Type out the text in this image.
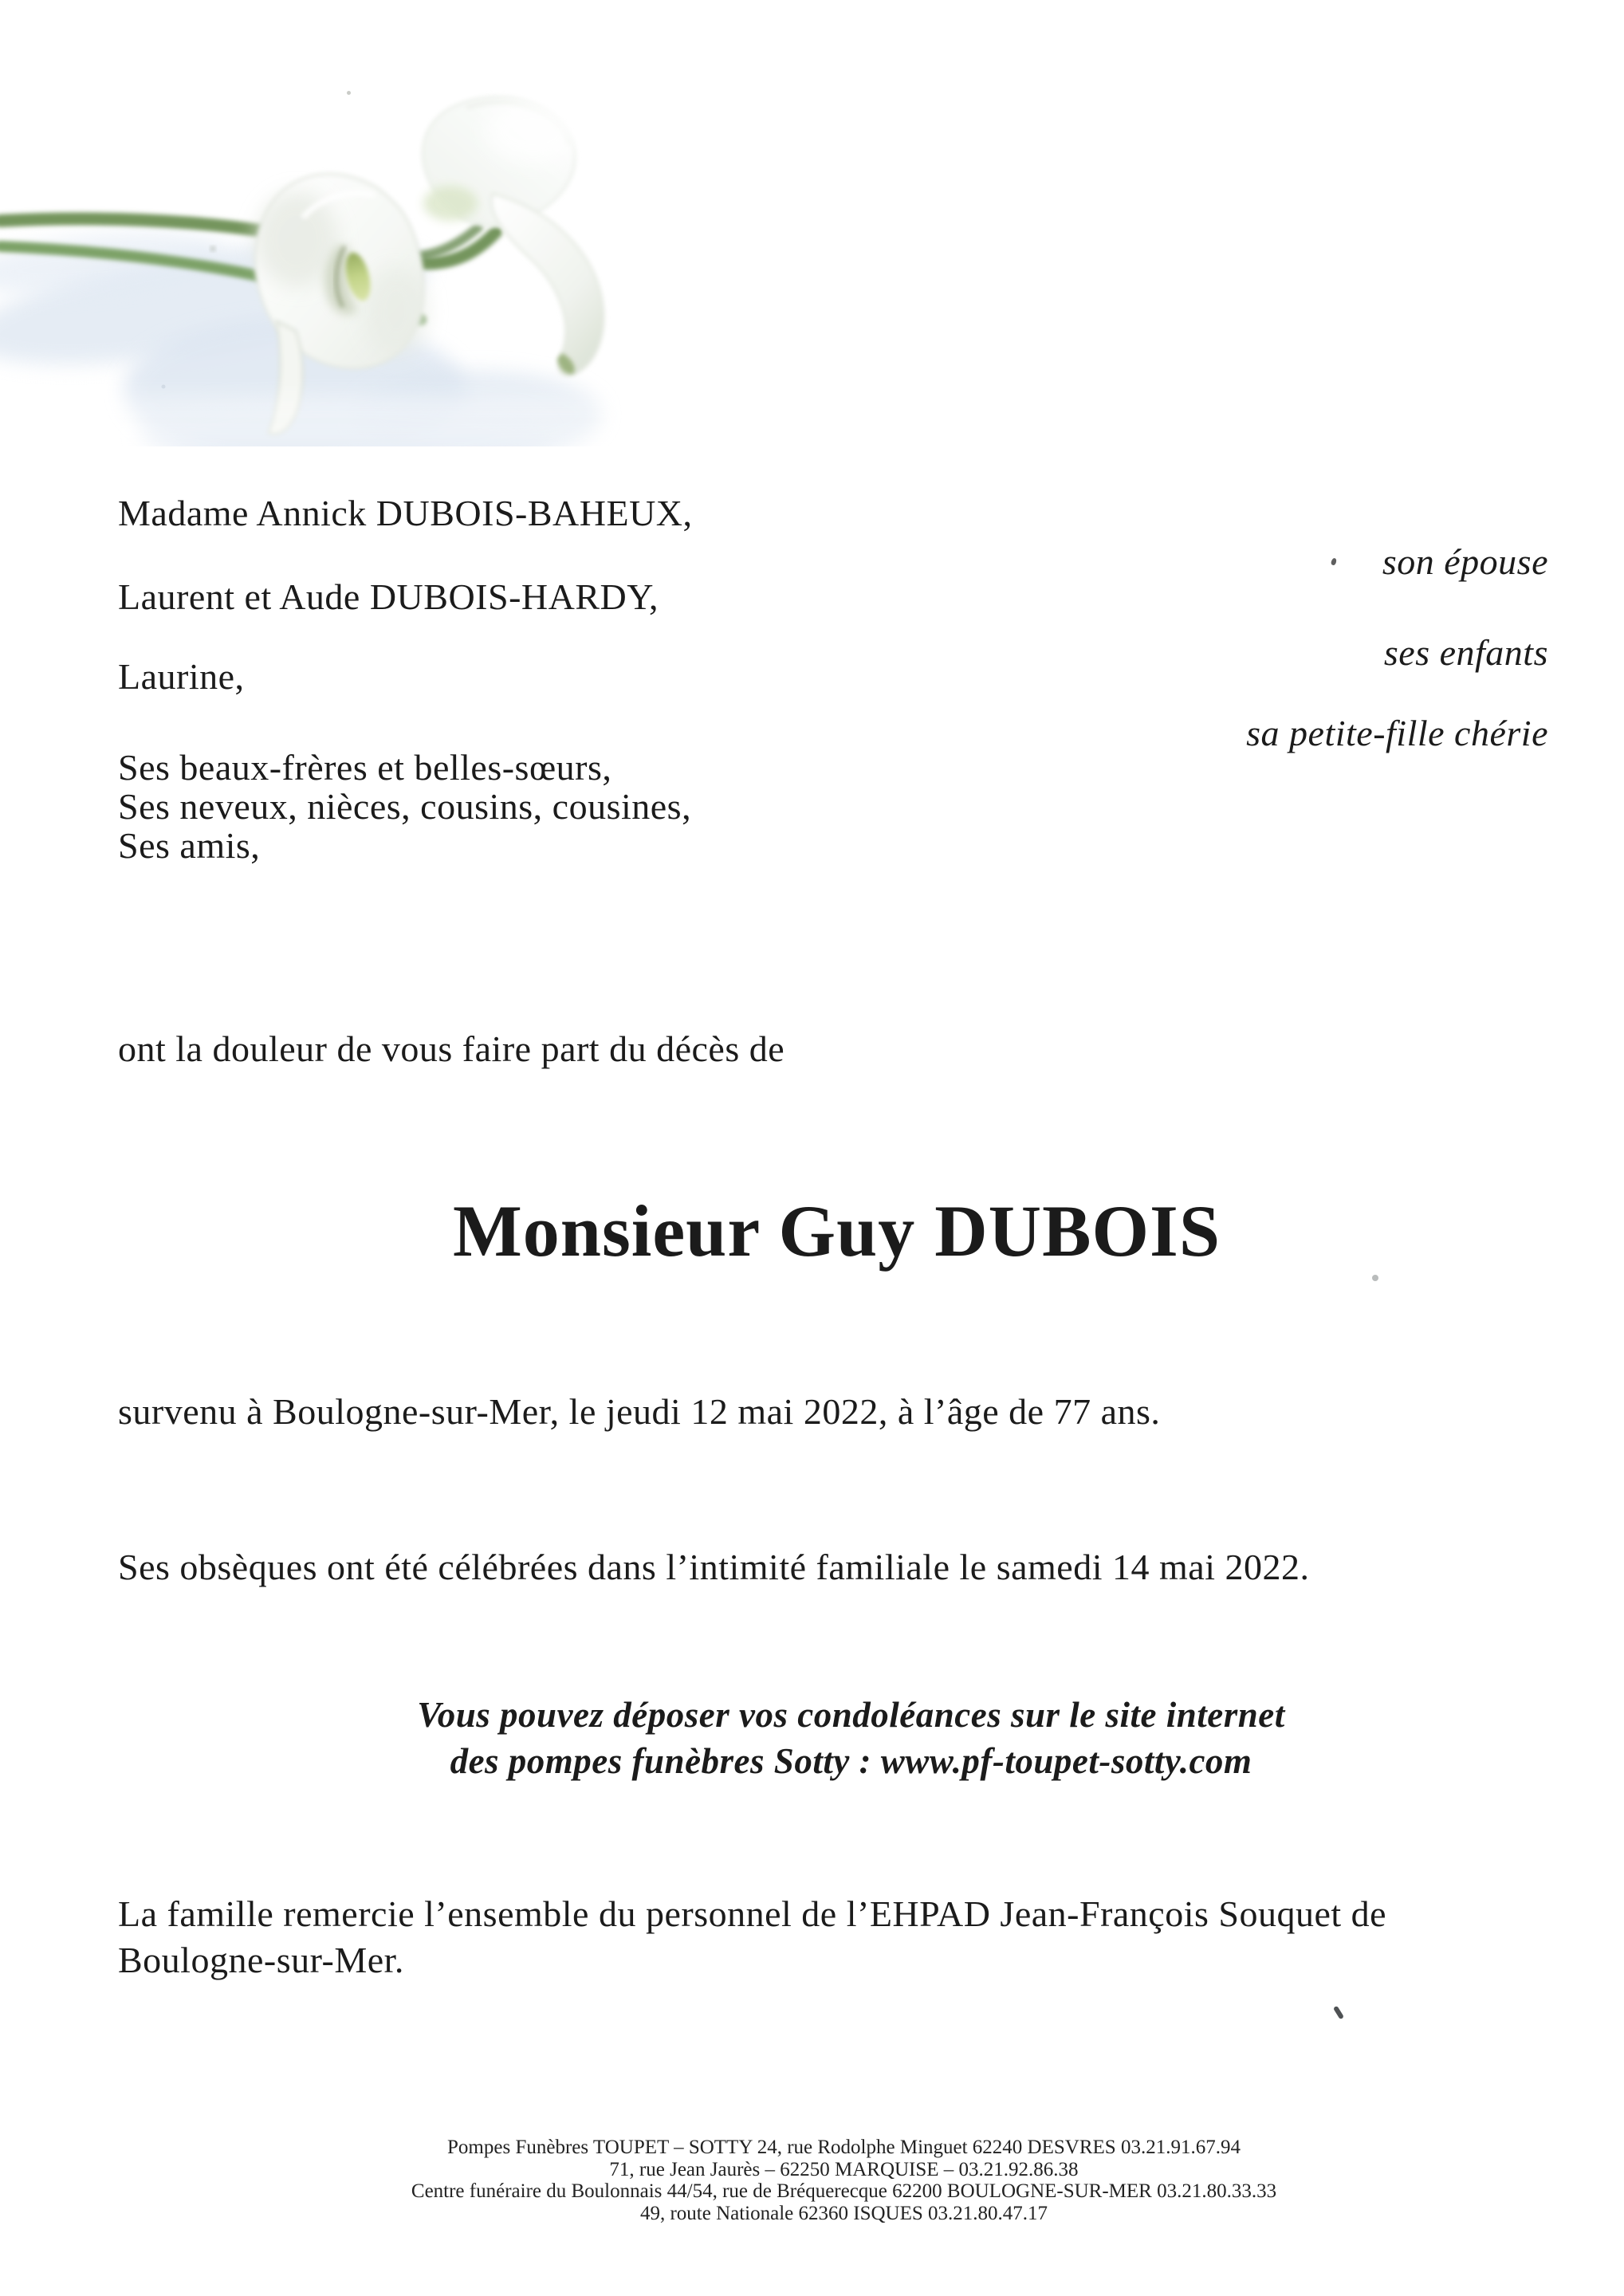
Madame Annick DUBOIS-BAHEUX,
Laurent et Aude DUBOIS-HARDY,
Laurine,
son épouse
ses enfants
sa petite-fille chérie
Ses beaux-frères et belles-sœurs,
Ses neveux, nièces, cousins, cousines,
Ses amis,
ont la douleur de vous faire part du décès de
Monsieur Guy DUBOIS
survenu à Boulogne-sur-Mer, le jeudi 12 mai 2022, à l’âge de 77 ans.
Ses obsèques ont été célébrées dans l’intimité familiale le samedi 14 mai 2022.
Vous pouvez déposer vos condoléances sur le site internet
des pompes funèbres Sotty : www.pf-toupet-sotty.com
La famille remercie l’ensemble du personnel de l’EHPAD Jean-François Souquet de
Boulogne-sur-Mer.
Pompes Funèbres TOUPET – SOTTY 24, rue Rodolphe Minguet 62240 DESVRES 03.21.91.67.94
71, rue Jean Jaurès – 62250 MARQUISE – 03.21.92.86.38
Centre funéraire du Boulonnais 44/54, rue de Bréquerecque 62200 BOULOGNE-SUR-MER 03.21.80.33.33
49, route Nationale 62360 ISQUES 03.21.80.47.17
